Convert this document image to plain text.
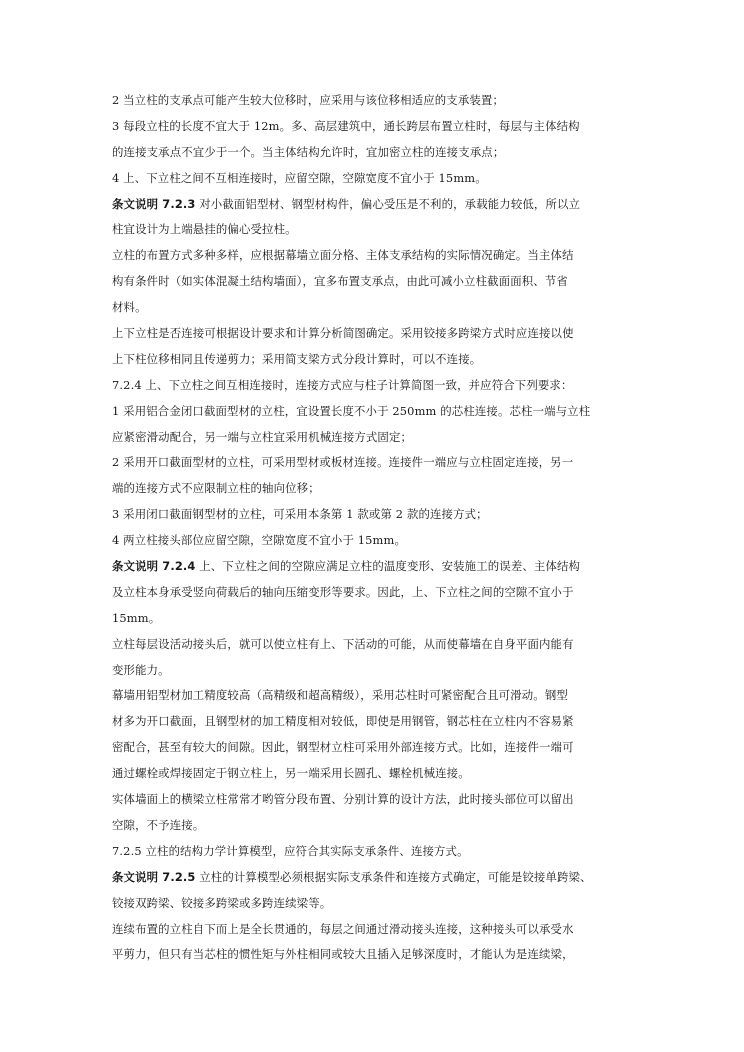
2 当立柱的支承点可能产生较大位移时，应采用与该位移相适应的支承装置；
3 每段立柱的长度不宜大于 12m。多、高层建筑中，通长跨层布置立柱时，每层与主体结构
的连接支承点不宜少于一个。当主体结构允许时，宜加密立柱的连接支承点；
4 上、下立柱之间不互相连接时，应留空隙，空隙宽度不宜小于 15mm。
条文说明 7.2.3 对小截面铝型材、钢型材构件，偏心受压是不利的，承载能力较低，所以立
柱宜设计为上端悬挂的偏心受拉柱。
立柱的布置方式多种多样，应根据幕墙立面分格、主体支承结构的实际情况确定。当主体结
构有条件时（如实体混凝土结构墙面），宜多布置支承点，由此可减小立柱截面面积、节省
材料。
上下立柱是否连接可根据设计要求和计算分析简图确定。采用铰接多跨梁方式时应连接以使
上下柱位移相同且传递剪力；采用简支梁方式分段计算时，可以不连接。
7.2.4 上、下立柱之间互相连接时，连接方式应与柱子计算简图一致，并应符合下列要求：
1 采用铝合金闭口截面型材的立柱，宜设置长度不小于 250mm 的芯柱连接。芯柱一端与立柱
应紧密滑动配合，另一端与立柱宜采用机械连接方式固定；
2 采用开口截面型材的立柱，可采用型材或板材连接。连接件一端应与立柱固定连接，另一
端的连接方式不应限制立柱的轴向位移；
3 采用闭口截面钢型材的立柱，可采用本条第 1 款或第 2 款的连接方式；
4 两立柱接头部位应留空隙，空隙宽度不宜小于 15mm。
条文说明 7.2.4 上、下立柱之间的空隙应满足立柱的温度变形、安装施工的误差、主体结构
及立柱本身承受竖向荷载后的轴向压缩变形等要求。因此，上、下立柱之间的空隙不宜小于
15mm。
立柱每层设活动接头后，就可以使立柱有上、下活动的可能，从而使幕墙在自身平面内能有
变形能力。
幕墙用铝型材加工精度较高（高精级和超高精级），采用芯柱时可紧密配合且可滑动。钢型
材多为开口截面，且钢型材的加工精度相对较低，即使是用钢管，钢芯柱在立柱内不容易紧
密配合，甚至有较大的间隙。因此，钢型材立柱可采用外部连接方式。比如，连接件一端可
通过螺栓或焊接固定于钢立柱上，另一端采用长圆孔、螺栓机械连接。
实体墙面上的横梁立柱常常才哟管分段布置、分别计算的设计方法，此时接头部位可以留出
空隙，不予连接。
7.2.5 立柱的结构力学计算模型，应符合其实际支承条件、连接方式。
条文说明 7.2.5 立柱的计算模型必须根据实际支承条件和连接方式确定，可能是铰接单跨梁、
铰接双跨梁、铰接多跨梁或多跨连续梁等。
连续布置的立柱自下而上是全长贯通的，每层之间通过滑动接头连接，这种接头可以承受水
平剪力，但只有当芯柱的惯性矩与外柱相同或较大且插入足够深度时，才能认为是连续梁，
